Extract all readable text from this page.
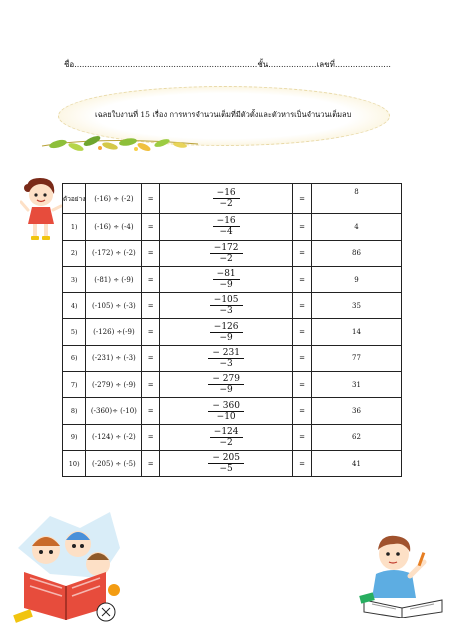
ชื่อ........................................................................ชั้น...................เลขที่......................
เฉลยใบงานที่ 15 เรื่อง การหารจำนวนเต็มที่มีตัวตั้งและตัวหารเป็นจำนวนเต็มลบ
ตัวอย่าง	(-16) ÷ (-2)	=	$\frac{-16}{-2}$	=	8
1)	(-16) ÷ (-4)	=	$\frac{-16}{-4}$	=	4
2)	(-172) ÷ (-2)	=	$\frac{-172}{-2}$	=	86
3)	(-81) ÷ (-9)	=	$\frac{-81}{-9}$	=	9
4)	(-105) ÷ (-3)	=	$\frac{-105}{-3}$	=	35
5)	(-126) ÷(-9)	=	$\frac{-126}{-9}$	=	14
6)	(-231) ÷ (-3)	=	$\frac{- 231}{-3}$	=	77
7)	(-279) ÷ (-9)	=	$\frac{- 279}{-9}$	=	31
8)	(-360)÷ (-10)	=	$\frac{- 360}{-10}$	=	36
9)	(-124) ÷ (-2)	=	$\frac{-124}{-2}$	=	62
10)	(-205) ÷ (-5)	=	$\frac{- 205}{-5}$	=	41
